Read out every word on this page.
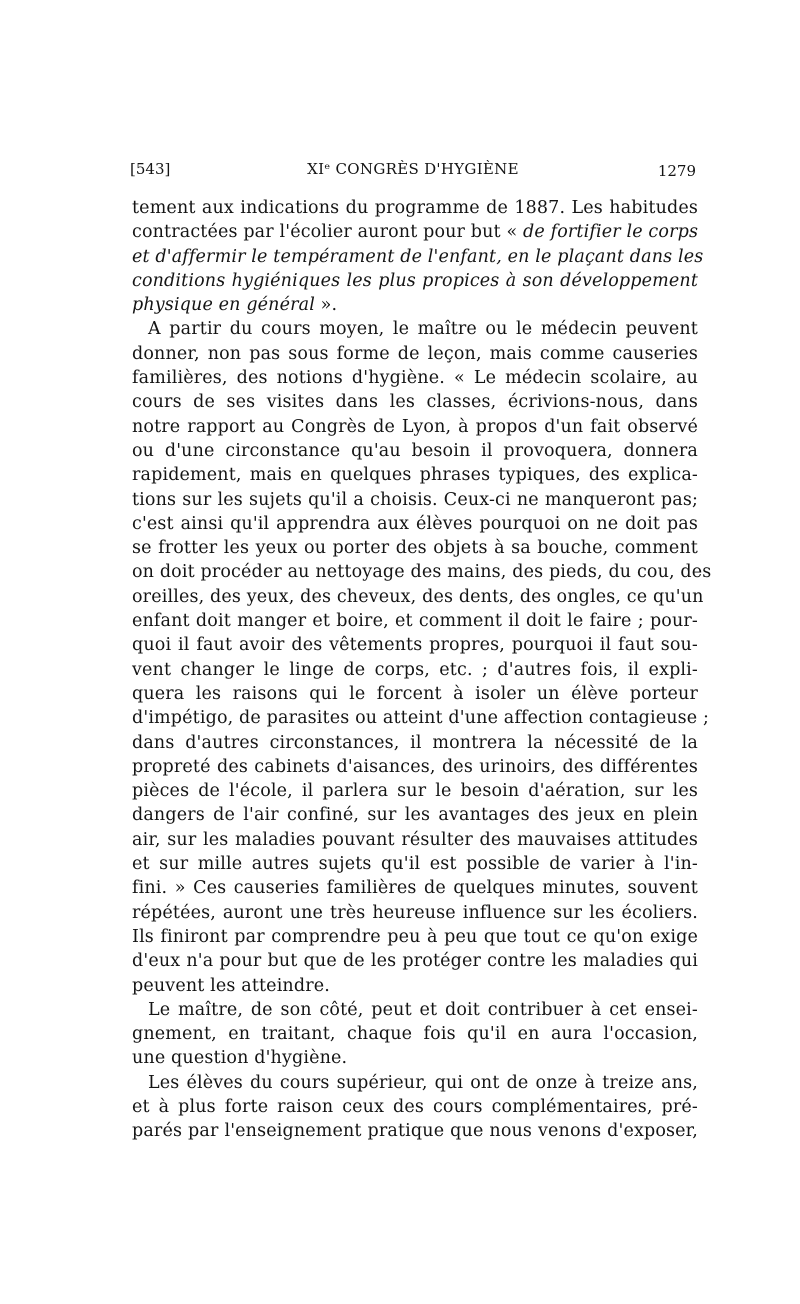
[543]	XIᵉ CONGRÈS D'HYGIÈNE	1279
tement aux indications du programme de 1887. Les habitudes
contractées par l'écolier auront pour but « de fortifier le corps
et d'affermir le tempérament de l'enfant, en le plaçant dans les
conditions hygiéniques les plus propices à son développement
physique en général ».
A partir du cours moyen, le maître ou le médecin peuvent
donner, non pas sous forme de leçon, mais comme causeries
familières, des notions d'hygiène. « Le médecin scolaire, au
cours de ses visites dans les classes, écrivions-nous, dans
notre rapport au Congrès de Lyon, à propos d'un fait observé
ou d'une circonstance qu'au besoin il provoquera, donnera
rapidement, mais en quelques phrases typiques, des explica-
tions sur les sujets qu'il a choisis. Ceux-ci ne manqueront pas;
c'est ainsi qu'il apprendra aux élèves pourquoi on ne doit pas
se frotter les yeux ou porter des objets à sa bouche, comment
on doit procéder au nettoyage des mains, des pieds, du cou, des
oreilles, des yeux, des cheveux, des dents, des ongles, ce qu'un
enfant doit manger et boire, et comment il doit le faire ; pour-
quoi il faut avoir des vêtements propres, pourquoi il faut sou-
vent changer le linge de corps, etc. ; d'autres fois, il expli-
quera les raisons qui le forcent à isoler un élève porteur
d'impétigo, de parasites ou atteint d'une affection contagieuse ;
dans d'autres circonstances, il montrera la nécessité de la
propreté des cabinets d'aisances, des urinoirs, des différentes
pièces de l'école, il parlera sur le besoin d'aération, sur les
dangers de l'air confiné, sur les avantages des jeux en plein
air, sur les maladies pouvant résulter des mauvaises attitudes
et sur mille autres sujets qu'il est possible de varier à l'in-
fini. » Ces causeries familières de quelques minutes, souvent
répétées, auront une très heureuse influence sur les écoliers.
Ils finiront par comprendre peu à peu que tout ce qu'on exige
d'eux n'a pour but que de les protéger contre les maladies qui
peuvent les atteindre.
Le maître, de son côté, peut et doit contribuer à cet ensei-
gnement, en traitant, chaque fois qu'il en aura l'occasion,
une question d'hygiène.
Les élèves du cours supérieur, qui ont de onze à treize ans,
et à plus forte raison ceux des cours complémentaires, pré-
parés par l'enseignement pratique que nous venons d'exposer,
